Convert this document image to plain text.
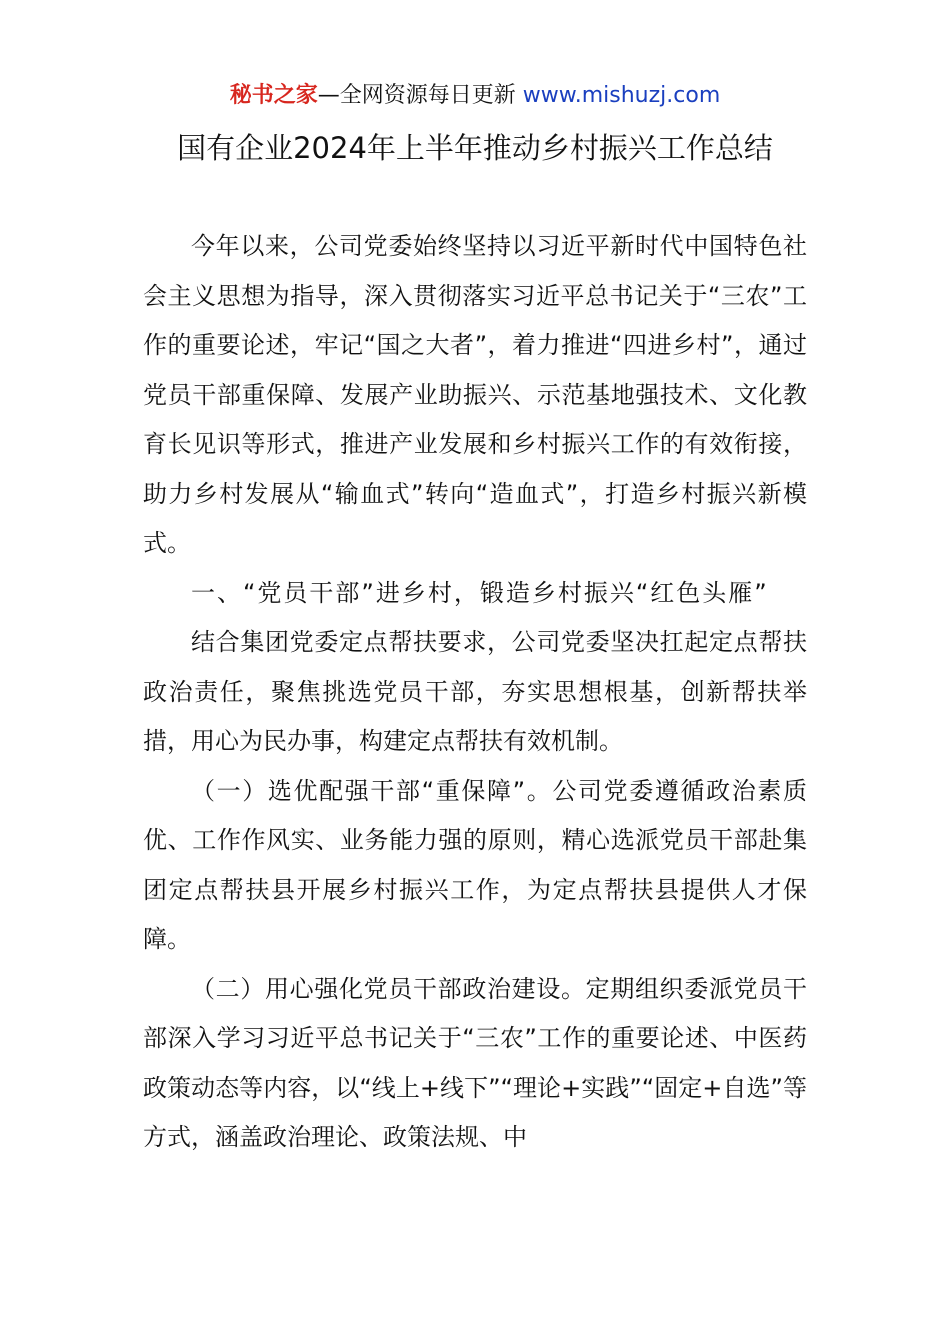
秘书之家—全网资源每日更新 www.mishuzj.com
国有企业2024年上半年推动乡村振兴工作总结

今年以来，公司党委始终坚持以习近平新时代中国特色社会主义思想为指导，深入贯彻落实习近平总书记关于“三农”工作的重要论述，牢记“国之大者”，着力推进“四进乡村”，通过党员干部重保障、发展产业助振兴、示范基地强技术、文化教育长见识等形式，推进产业发展和乡村振兴工作的有效衔接，助力乡村发展从“输血式”转向“造血式”，打造乡村振兴新模式。

一、“党员干部”进乡村，锻造乡村振兴“红色头雁”

结合集团党委定点帮扶要求，公司党委坚决扛起定点帮扶政治责任，聚焦挑选党员干部，夯实思想根基，创新帮扶举措，用心为民办事，构建定点帮扶有效机制。

（一）选优配强干部“重保障”。公司党委遵循政治素质优、工作作风实、业务能力强的原则，精心选派党员干部赴集团定点帮扶县开展乡村振兴工作，为定点帮扶县提供人才保障。

（二）用心强化党员干部政治建设。定期组织委派党员干部深入学习习近平总书记关于“三农”工作的重要论述、中医药政策动态等内容，以“线上+线下”“理论+实践”“固定+自选”等方式，涵盖政治理论、政策法规、中
